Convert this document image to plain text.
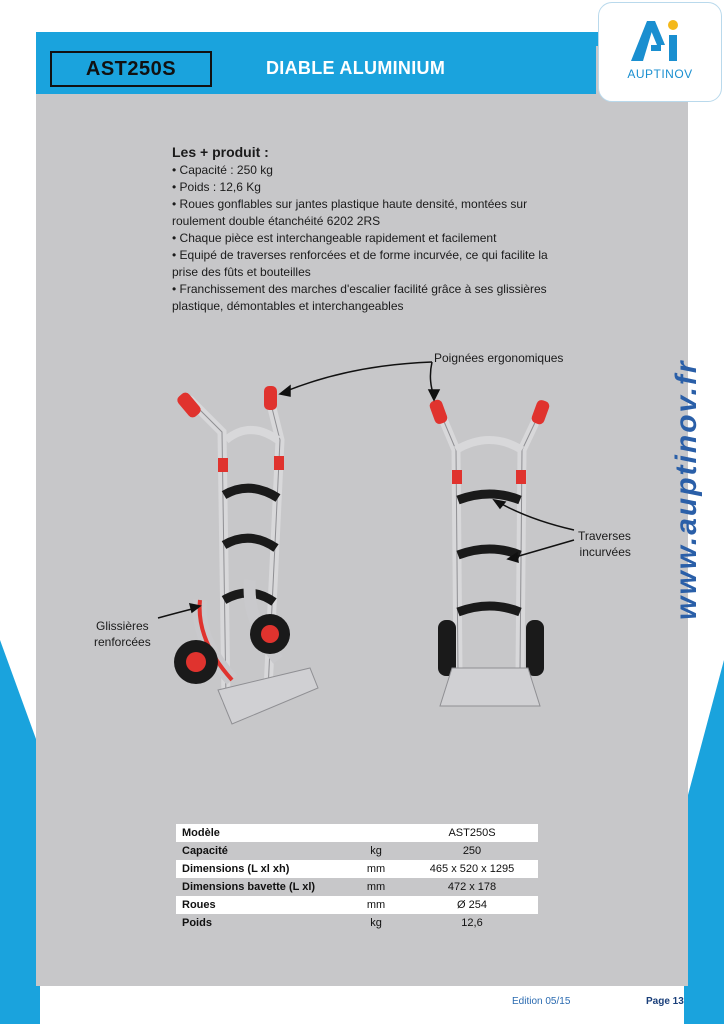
AST250S	DIABLE ALUMINIUM	AUPTINOV
www.auptinov.fr
Les + produit :
• Capacité : 250 kg
• Poids : 12,6 Kg
• Roues gonflables sur jantes plastique haute densité, montées sur roulement double étanchéité 6202 2RS
• Chaque pièce est interchangeable rapidement et facilement
• Equipé de traverses renforcées et de forme incurvée, ce qui facilite la prise des fûts et bouteilles
• Franchissement des marches d'escalier facilité grâce à ses glissières plastique, démontables et interchangeables
Poignées ergonomiques
Traverses
incurvées
Glissières
renforcées
Modèle		AST250S
Capacité	kg	250
Dimensions (L xl xh)	mm	465 x 520 x 1295
Dimensions bavette (L xl)	mm	472 x 178
Roues	mm	Ø 254
Poids	kg	12,6
Edition 05/15	Page 13
